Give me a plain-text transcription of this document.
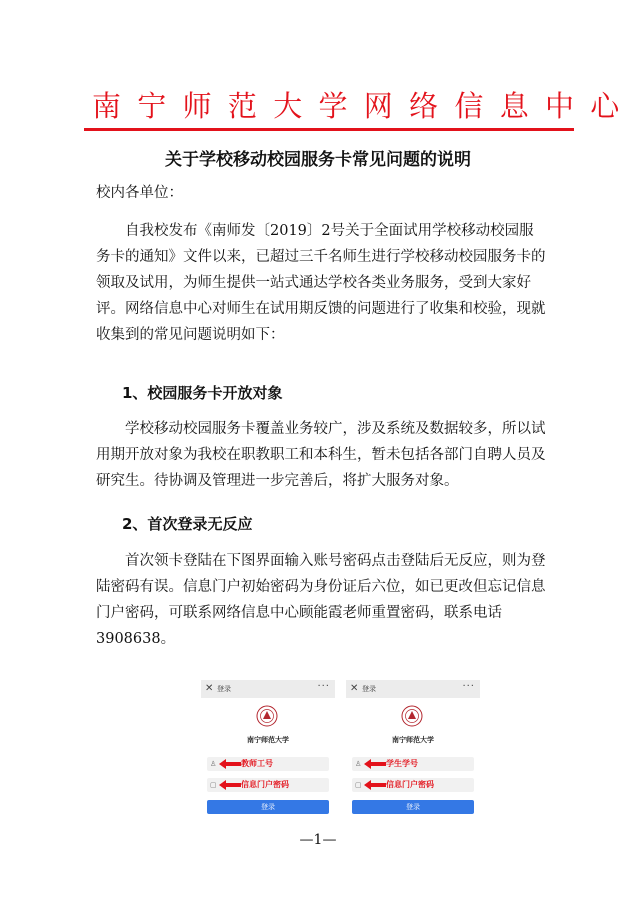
南宁师范大学网络信息中心
关于学校移动校园服务卡常见问题的说明
校内各单位：
自我校发布《南师发〔2019〕2号关于全面试用学校移动校园服务卡的通知》文件以来，已超过三千名师生进行学校移动校园服务卡的领取及试用，为师生提供一站式通达学校各类业务服务，受到大家好评。网络信息中心对师生在试用期反馈的问题进行了收集和校验，现就收集到的常见问题说明如下：
1、校园服务卡开放对象
学校移动校园服务卡覆盖业务较广，涉及系统及数据较多，所以试用期开放对象为我校在职教职工和本科生，暂未包括各部门自聘人员及研究生。待协调及管理进一步完善后，将扩大服务对象。
2、首次登录无反应
首次领卡登陆在下图界面输入账号密码点击登陆后无反应，则为登陆密码有误。信息门户初始密码为身份证后六位，如已更改但忘记信息门户密码，可联系网络信息中心顾能霞老师重置密码，联系电话3908638。
✕ 登录	···
南宁师范大学
♙	教师工号
▢	信息门户密码
登录
✕ 登录	···
南宁师范大学
♙	学生学号
▢	信息门户密码
登录
—1—
